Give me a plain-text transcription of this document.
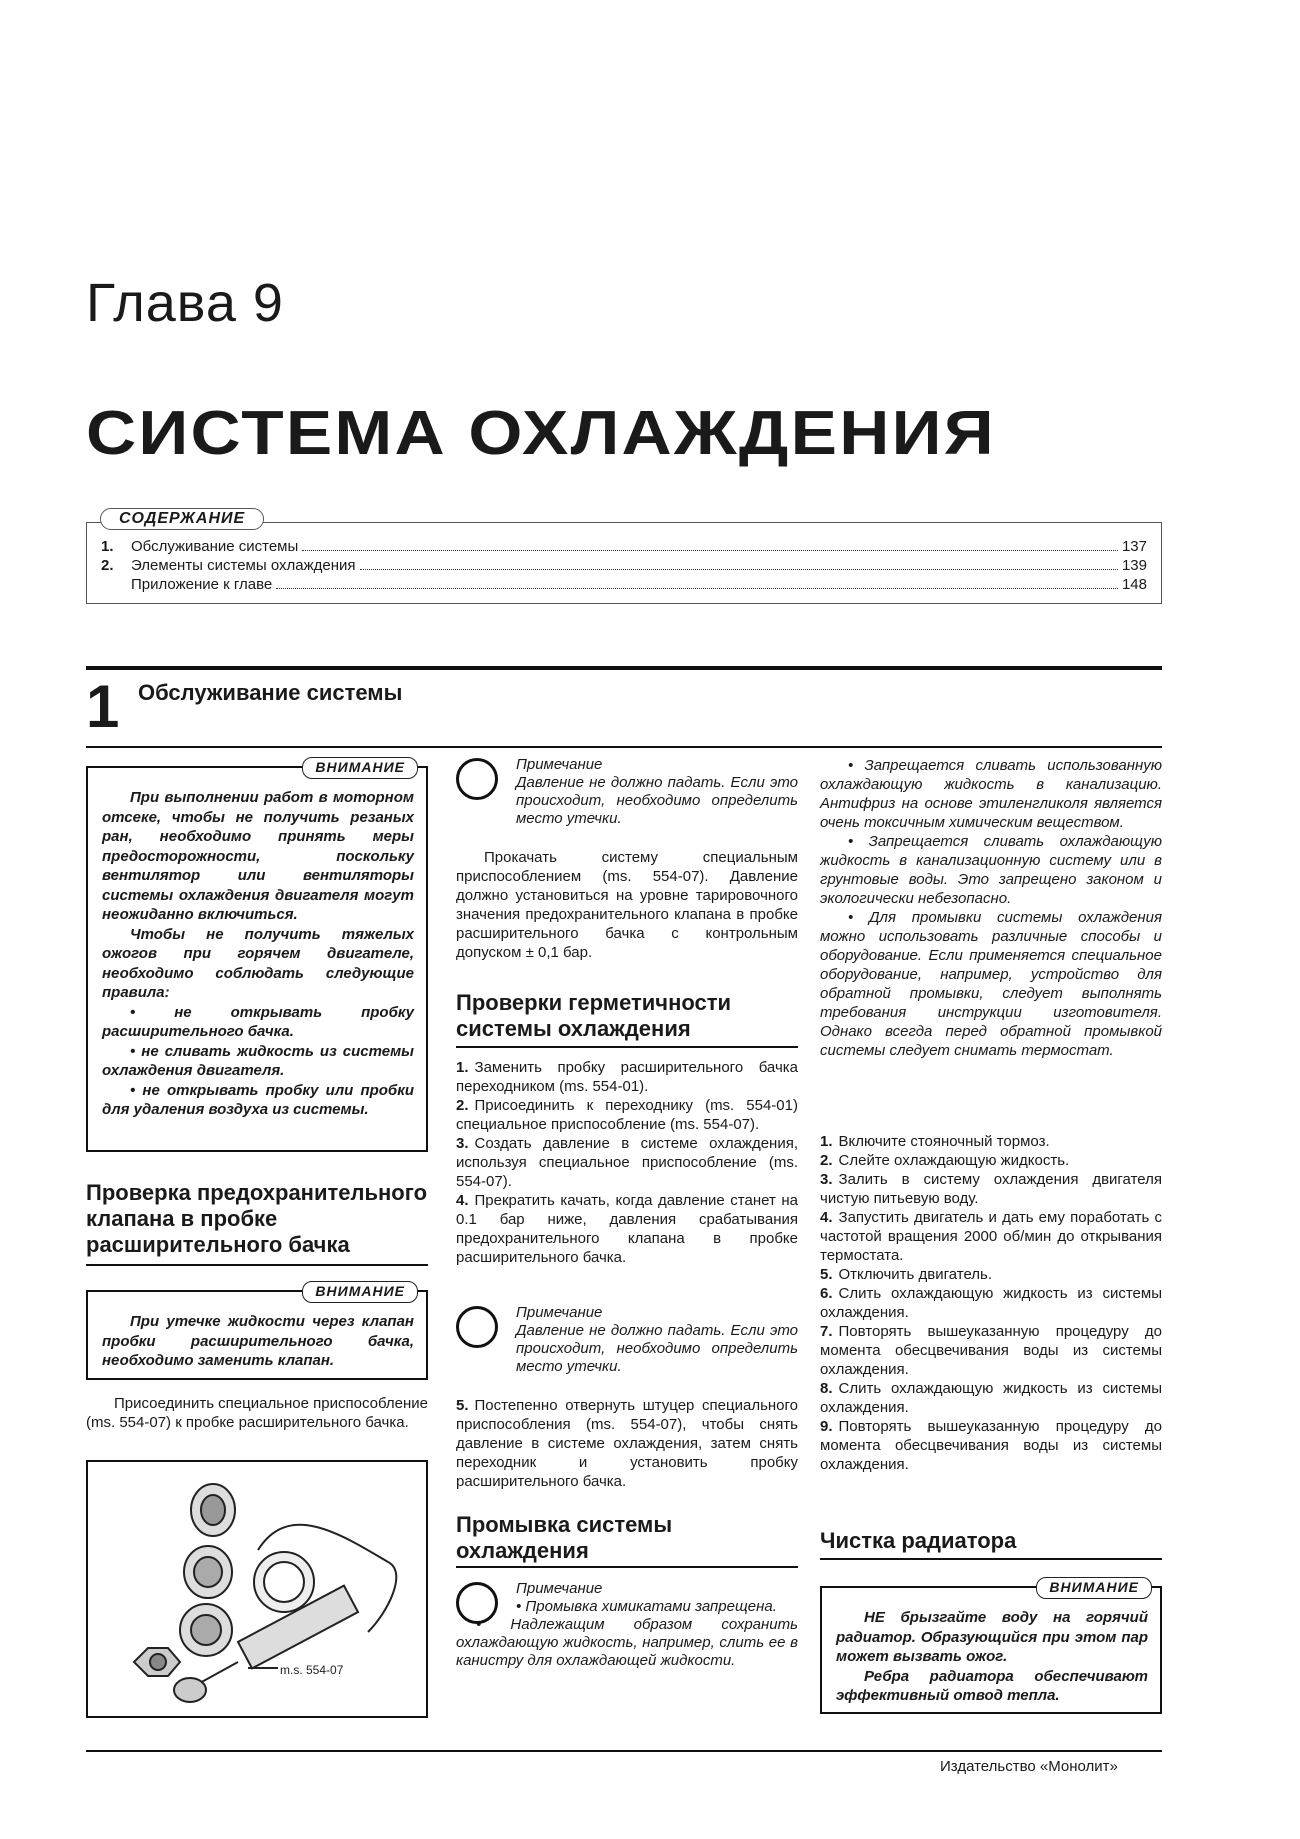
Глава 9
СИСТЕМА ОХЛАЖДЕНИЯ
1.	Обслуживание системы	137
2.	Элементы системы охлаждения	139
Приложение к главе	148
СОДЕРЖАНИЕ
1 Обслуживание системы
ВНИМАНИЕ

При выполнении работ в моторном отсеке, чтобы не получить резаных ран, необходимо принять меры предосторожности, поскольку вентилятор или вентиляторы системы охлаждения двигателя могут неожиданно включиться.

Чтобы не получить тяжелых ожогов при горячем двигателе, необходимо соблюдать следующие правила:

• не открывать пробку расширительного бачка.

• не сливать жидкость из системы охлаждения двигателя.

• не открывать пробку или пробки для удаления воздуха из системы.

Проверка предохранительного клапана в пробке расширительного бачка
ВНИМАНИЕ

При утечке жидкости через клапан пробки расширительного бачка, необходимо заменить клапан.

Присоединить специальное приспособление (ms. 554-07) к пробке расширительного бачка.

m.s. 554-07
Примечание
Давление не должно падать. Если это происходит, необходимо определить место утечки.

Прокачать систему специальным приспособлением (ms. 554-07). Давление должно установиться на уровне тарировочного значения предохранительного клапана в пробке расширительного бачка с контрольным допуском ± 0,1 бар.

Проверки герметичности системы охлаждения
1. Заменить пробку расширительного бачка переходником (ms. 554-01).
2. Присоединить к переходнику (ms. 554-01) специальное приспособление (ms. 554-07).
3. Создать давление в системе охлаждения, используя специальное приспособление (ms. 554-07).
4. Прекратить качать, когда давление станет на 0.1 бар ниже, давления срабатывания предохранительного клапана в пробке расширительного бачка.
Примечание
Давление не должно падать. Если это происходит, необходимо определить место утечки.
5. Постепенно отвернуть штуцер специального приспособления (ms. 554-07), чтобы снять давление в системе охлаждения, затем снять переходник и установить пробку расширительного бачка.
Промывка системы охлаждения
Примечание
• Промывка химикатами запрещена.
• Надлежащим образом сохранить охлаждающую жидкость, например, слить ее в канистру для охлаждающей жидкости.

• Запрещается сливать использованную охлаждающую жидкость в канализацию. Антифриз на основе этиленгликоля является очень токсичным химическим веществом.

• Запрещается сливать охлаждающую жидкость в канализационную систему или в грунтовые воды. Это запрещено законом и экологически небезопасно.

• Для промывки системы охлаждения можно использовать различные способы и оборудование. Если применяется специальное оборудование, например, устройство для обратной промывки, следует выполнять требования инструкции изготовителя. Однако всегда перед обратной промывкой системы следует снимать термостат.

1. Включите стояночный тормоз.
2. Слейте охлаждающую жидкость.
3. Залить в систему охлаждения двигателя чистую питьевую воду.
4. Запустить двигатель и дать ему поработать с частотой вращения 2000 об/мин до открывания термостата.
5. Отключить двигатель.
6. Слить охлаждающую жидкость из системы охлаждения.
7. Повторять вышеуказанную процедуру до момента обесцвечивания воды из системы охлаждения.
8. Слить охлаждающую жидкость из системы охлаждения.
9. Повторять вышеуказанную процедуру до момента обесцвечивания воды из системы охлаждения.
Чистка радиатора
ВНИМАНИЕ

НЕ брызгайте воду на горячий радиатор. Образующийся при этом пар может вызвать ожог.

Ребра радиатора обеспечивают эффективный отвод тепла.

Издательство «Монолит»
